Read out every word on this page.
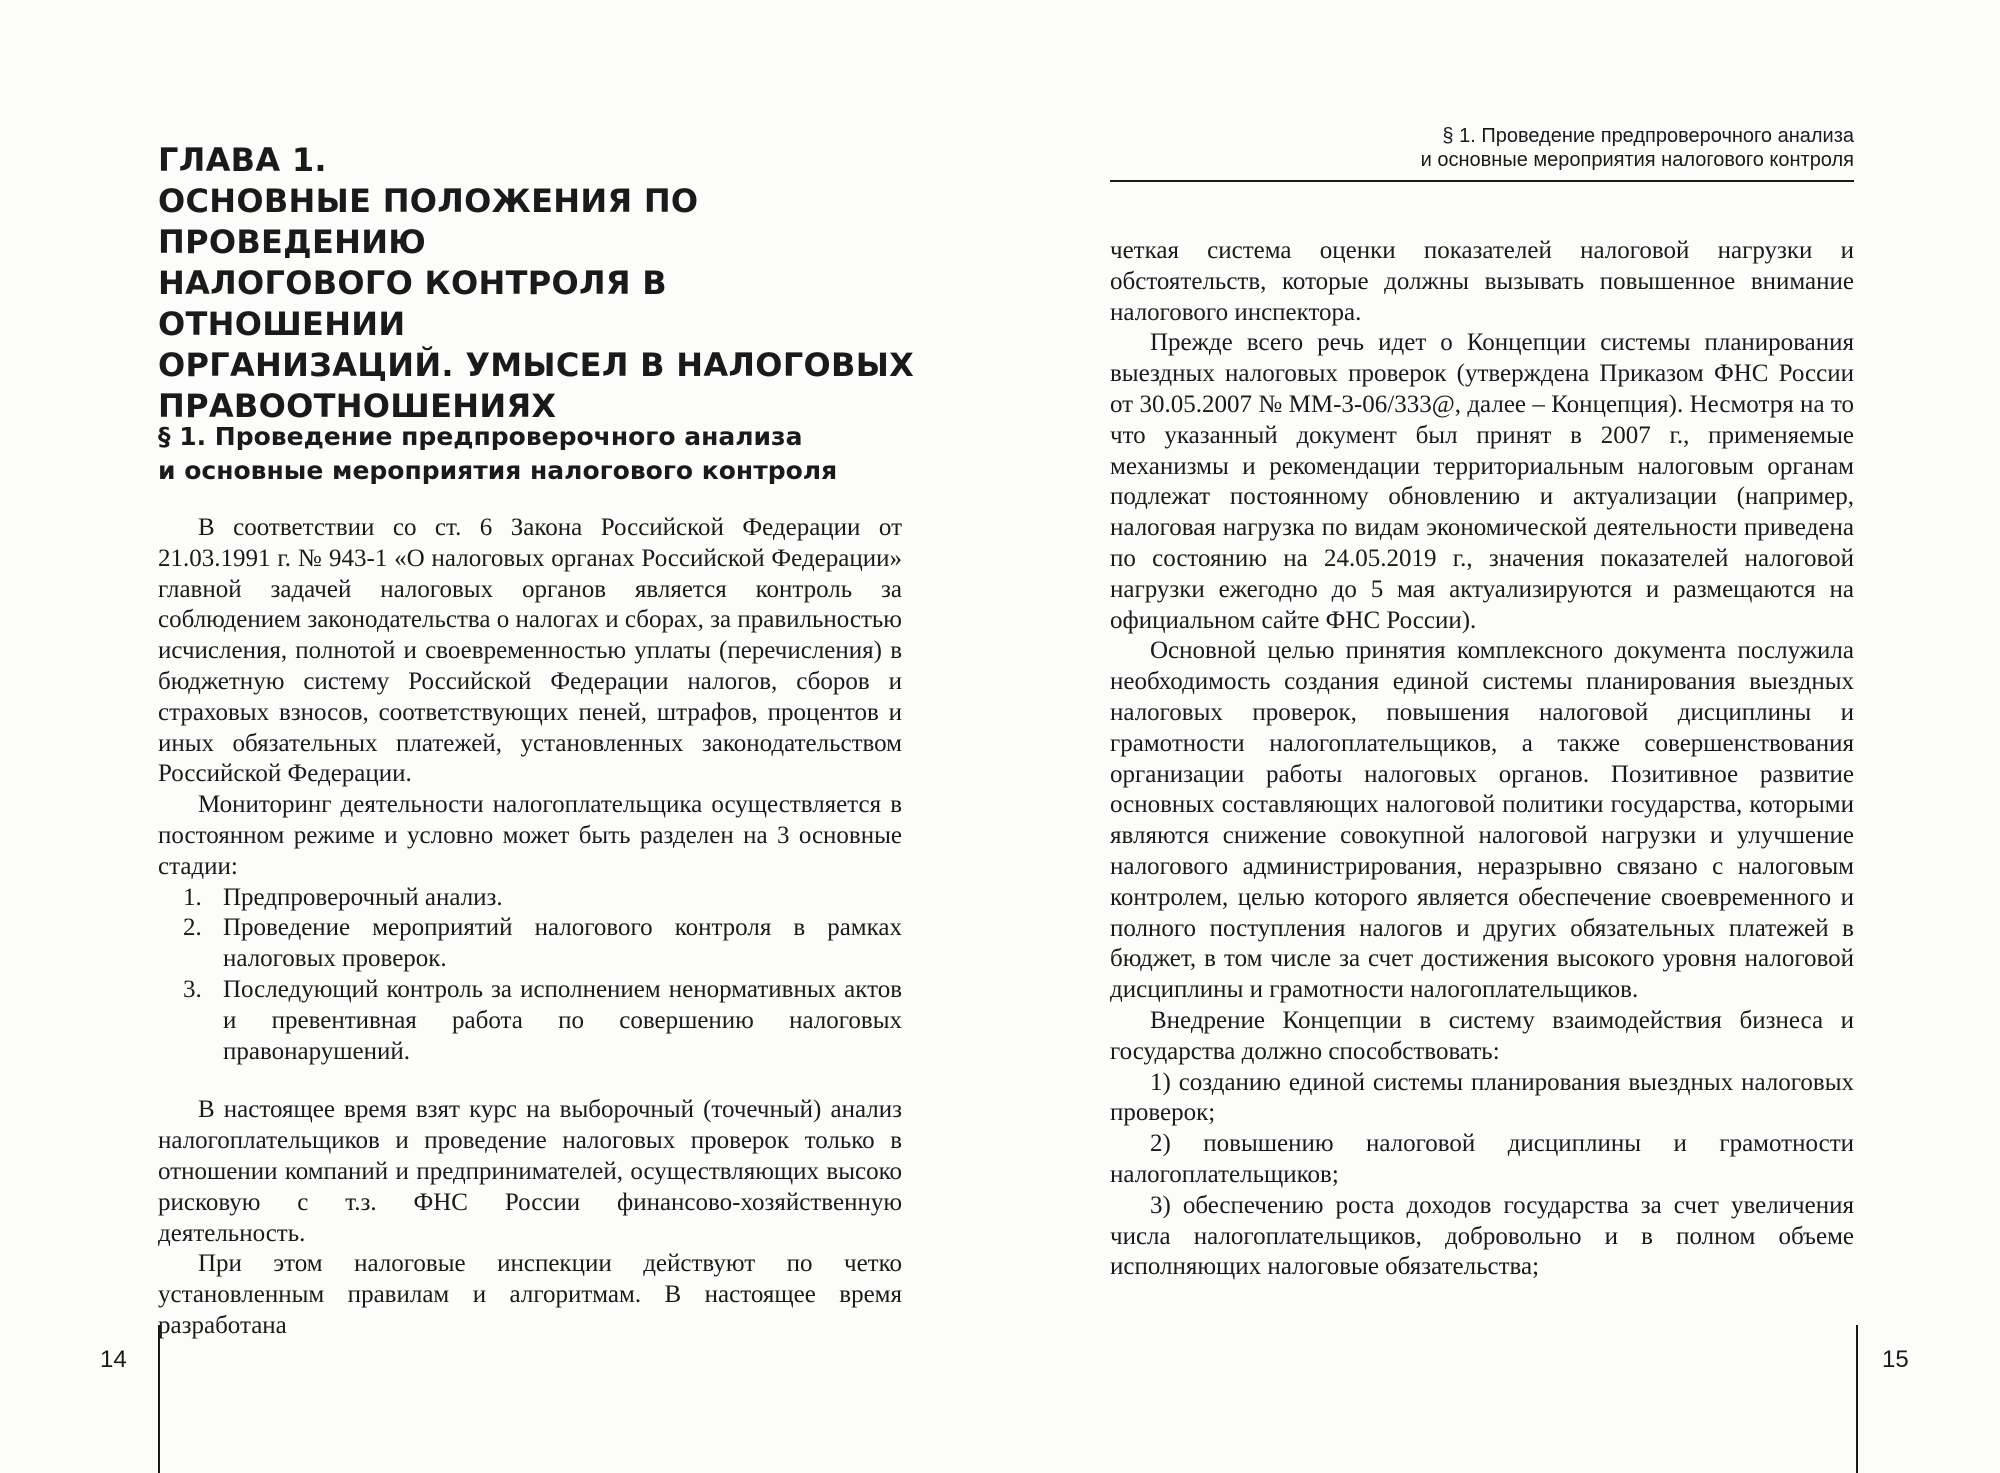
ГЛАВА 1.
ОСНОВНЫЕ ПОЛОЖЕНИЯ ПО ПРОВЕДЕНИЮ
НАЛОГОВОГО КОНТРОЛЯ В ОТНОШЕНИИ
ОРГАНИЗАЦИЙ. УМЫСЕЛ В НАЛОГОВЫХ
ПРАВООТНОШЕНИЯХ
§ 1. Проведение предпроверочного анализа
и основные мероприятия налогового контроля

В соответствии со ст. 6 Закона Российской Федерации от 21.03.1991 г. № 943-1 «О налоговых органах Российской Федерации» главной задачей налоговых органов является контроль за соблюдением законодательства о налогах и сборах, за правильностью исчисления, полнотой и своевременностью уплаты (перечисления) в бюджетную систему Российской Федерации налогов, сборов и страховых взносов, соответствующих пеней, штрафов, процентов и иных обязательных платежей, установленных законодательством Российской Федерации.

Мониторинг деятельности налогоплательщика осуществляется в постоянном режиме и условно может быть разделен на 3 основные стадии:

1. Предпроверочный анализ.
2. Проведение мероприятий налогового контроля в рамках налоговых проверок.
3. Последующий контроль за исполнением ненормативных актов и превентивная работа по совершению налоговых правонарушений.

В настоящее время взят курс на выборочный (точечный) анализ налогоплательщиков и проведение налоговых проверок только в отношении компаний и предпринимателей, осуществляющих высоко рисковую с т.з. ФНС России финансово-хозяйственную деятельность.

При этом налоговые инспекции действуют по четко установленным правилам и алгоритмам. В настоящее время разработана

14
§ 1. Проведение предпроверочного анализа
и основные мероприятия налогового контроля

четкая система оценки показателей налоговой нагрузки и обстоятельств, которые должны вызывать повышенное внимание налогового инспектора.

Прежде всего речь идет о Концепции системы планирования выездных налоговых проверок (утверждена Приказом ФНС России от 30.05.2007 № ММ-3-06/333@, далее – Концепция). Несмотря на то что указанный документ был принят в 2007 г., применяемые механизмы и рекомендации территориальным налоговым органам подлежат постоянному обновлению и актуализации (например, налоговая нагрузка по видам экономической деятельности приведена по состоянию на 24.05.2019 г., значения показателей налоговой нагрузки ежегодно до 5 мая актуализируются и размещаются на официальном сайте ФНС России).

Основной целью принятия комплексного документа послужила необходимость создания единой системы планирования выездных налоговых проверок, повышения налоговой дисциплины и грамотности налогоплательщиков, а также совершенствования организации работы налоговых органов. Позитивное развитие основных составляющих налоговой политики государства, которыми являются снижение совокупной налоговой нагрузки и улучшение налогового администрирования, неразрывно связано с налоговым контролем, целью которого является обеспечение своевременного и полного поступления налогов и других обязательных платежей в бюджет, в том числе за счет достижения высокого уровня налоговой дисциплины и грамотности налогоплательщиков.

Внедрение Концепции в систему взаимодействия бизнеса и государства должно способствовать:

1) созданию единой системы планирования выездных налоговых проверок;

2) повышению налоговой дисциплины и грамотности налогоплательщиков;

3) обеспечению роста доходов государства за счет увеличения числа налогоплательщиков, добровольно и в полном объеме исполняющих налоговые обязательства;

15
